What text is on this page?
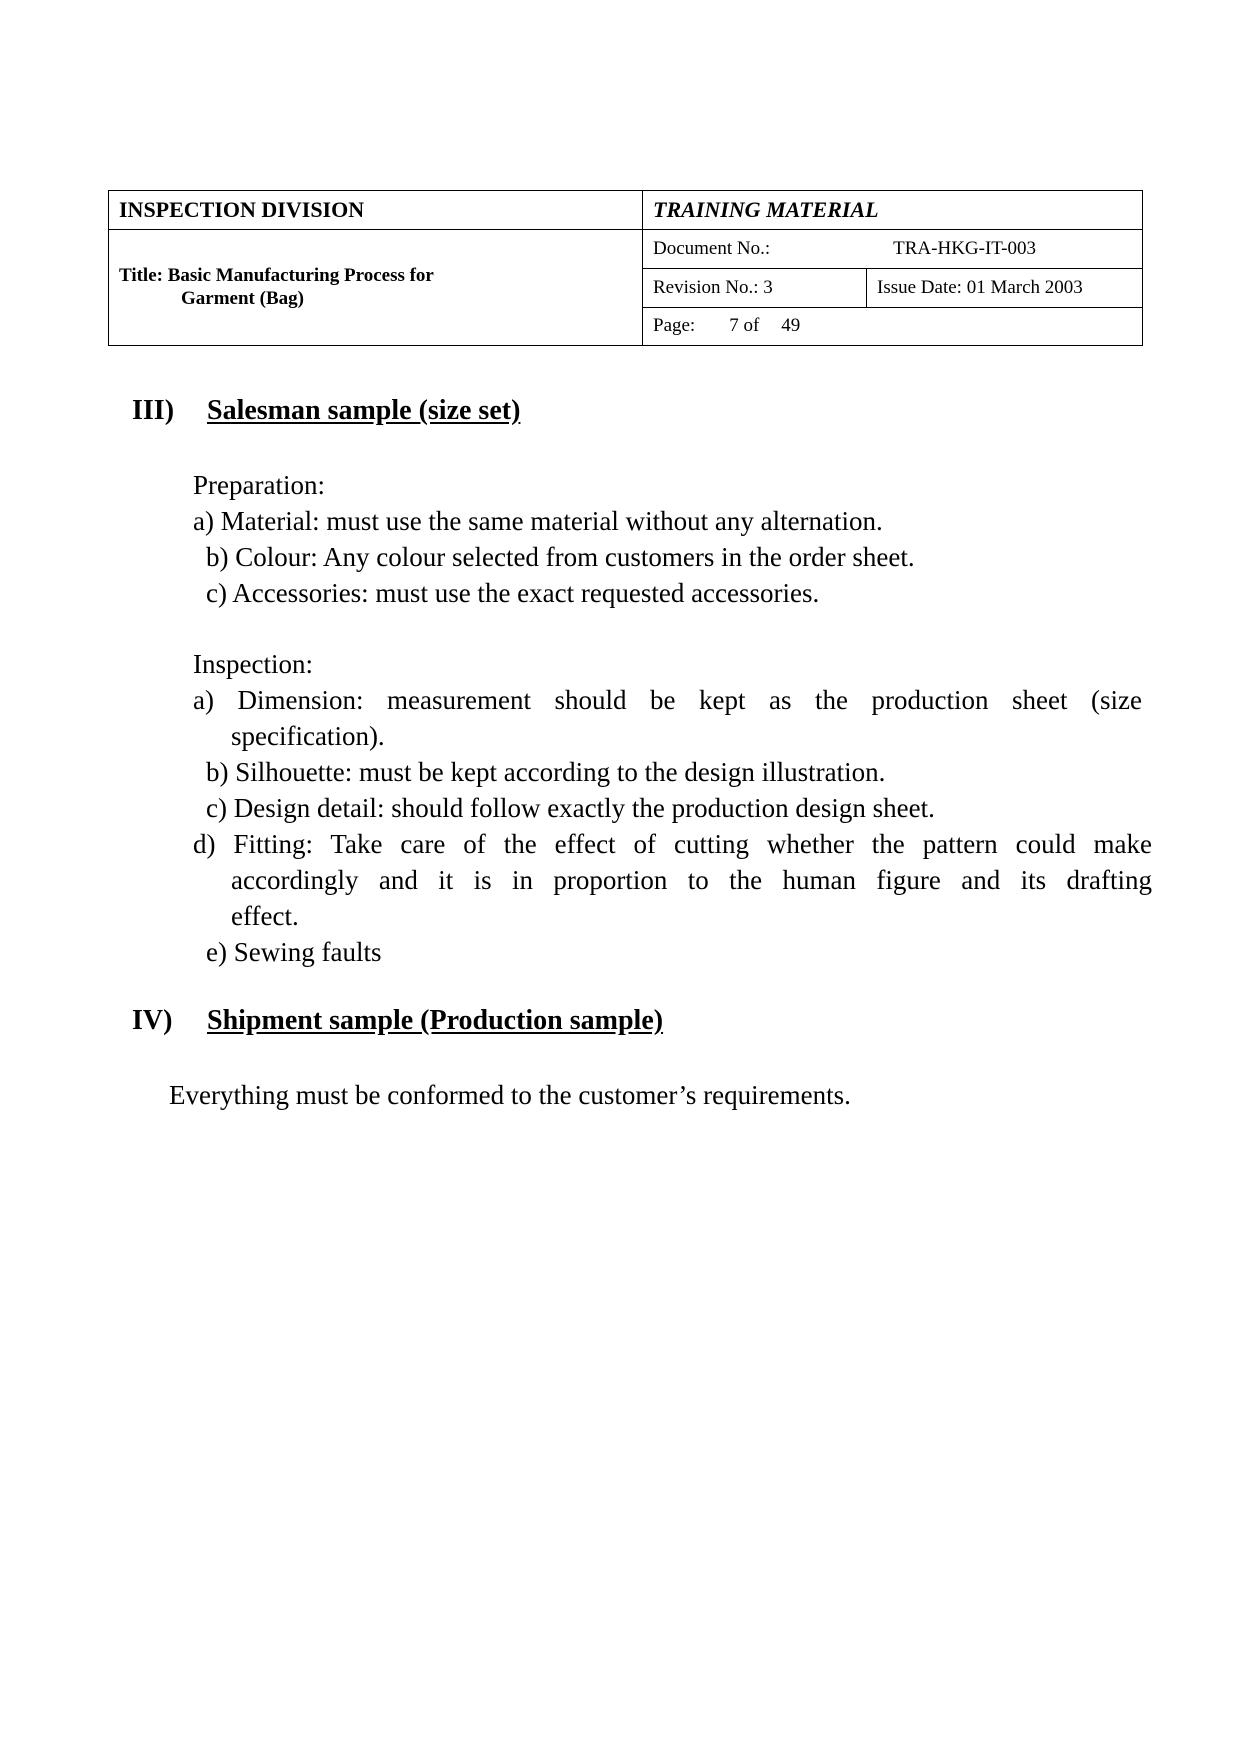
INSPECTION DIVISION	TRAINING MATERIAL	
Title: Basic Manufacturing Process for
Garment (Bag)	Document No.: TRA-HKG-IT-003	

	Revision No.: 3	Issue Date: 01 March 2003
	Page: 7 of 49	
III) Salesman sample (size set)
Preparation:
a) Material: must use the same material without any alternation.
b) Colour: Any colour selected from customers in the order sheet.
c) Accessories: must use the exact requested accessories.
Inspection:
a) Dimension: measurement should be kept as the production sheet (size
specification).
b) Silhouette: must be kept according to the design illustration.
c) Design detail: should follow exactly the production design sheet.
d) Fitting: Take care of the effect of cutting whether the pattern could make
accordingly and it is in proportion to the human figure and its drafting
effect.
e) Sewing faults
IV) Shipment sample (Production sample)
Everything must be conformed to the customer’s requirements.
